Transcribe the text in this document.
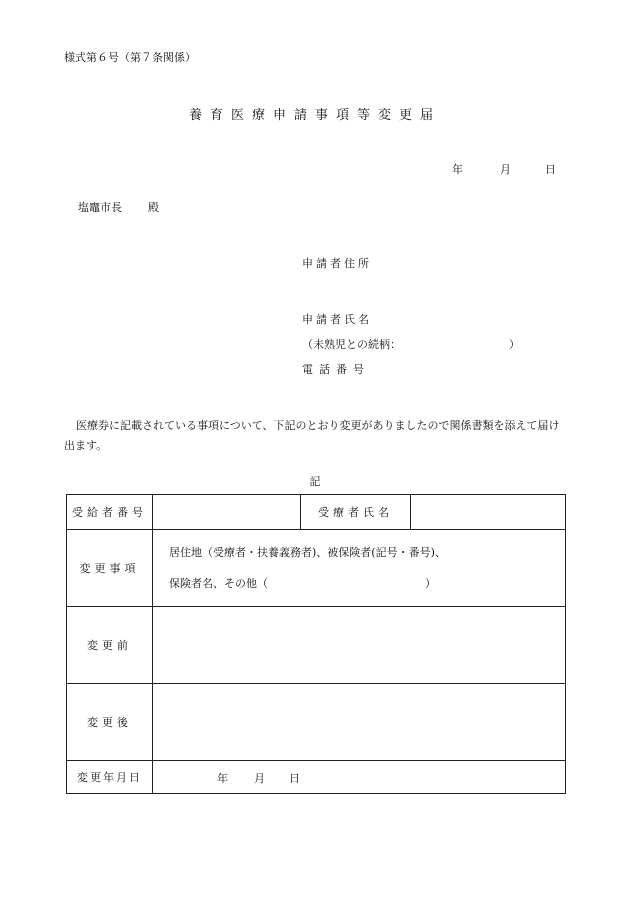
様式第６号（第７条関係）
養育医療申請事項等変更届
年	月	日
塩竈市長 殿
申請者住所
申請者氏名
（未熟児との続柄：	）
電話番号
医療券に記載されている事項について、下記のとおり変更がありましたので関係書類を添えて届け出ます。
記
受給者番号		受療者氏名	
変更事項	居住地（受療者・扶養義務者)、被保険者(記号・番号)、
保険者名、その他（ ）		

変更前			
変更後			
変更年月日	年 月 日		
